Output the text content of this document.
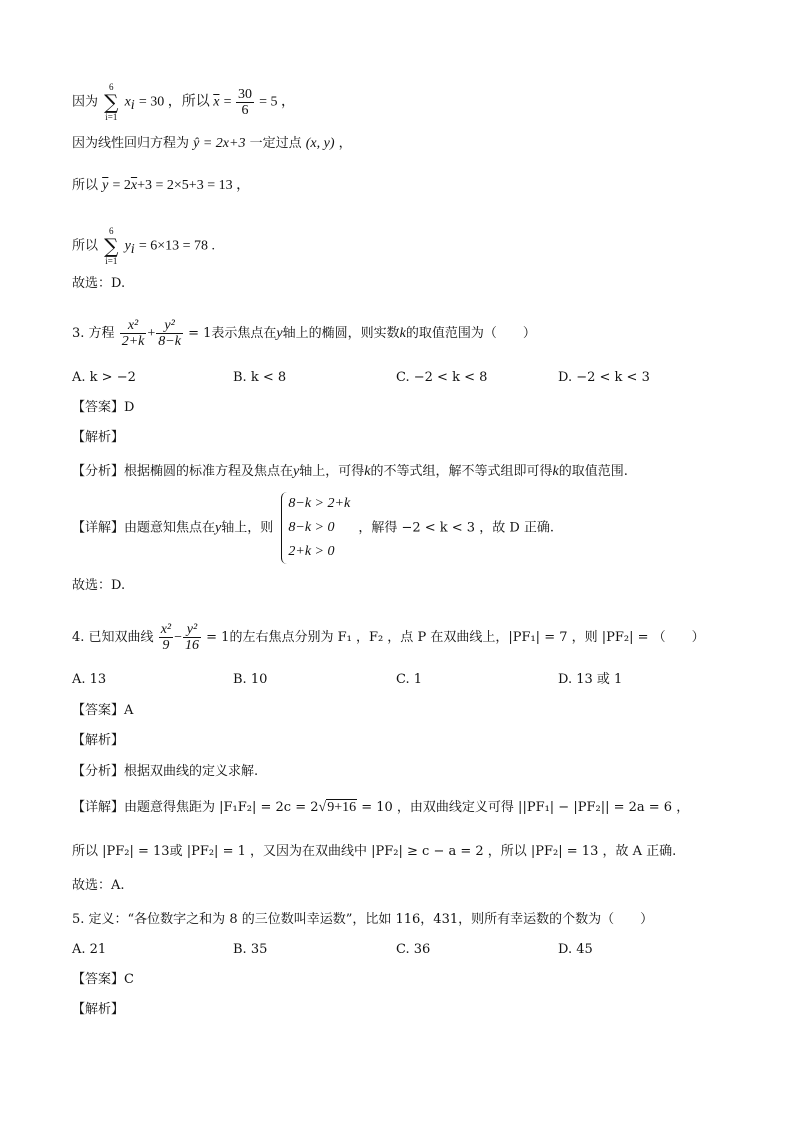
因为
6
∑
i=1
$x_i = 30$ ，所以 $\overline{x} = \frac{30}{6} = 5$ ，
因为线性回归方程为 ŷ = 2x+3 一定过点 (x, y) ，
所以 $\overline{y} = 2\overline{x}+3 = 2\times 5+3 = 13$ ，
所以
6
∑
i=1
$y_i = 6\times 13 = 78$ .
故选：D.
3. 方程 $\frac{\text{x²}}{2+k} + \frac{\text{y²}}{8-k} = 1$表示焦点在y轴上的椭圆，则实数k的取值范围为（　　）
A. k > −2	B. k < 8	C. −2 < k < 8	D. −2 < k < 3
【答案】D
【解析】
【分析】根据椭圆的标准方程及焦点在y轴上，可得k的不等式组，解不等式组即可得k的取值范围.
【详解】由题意知焦点在y轴上，则
8−k > 2+k
8−k > 0
2+k > 0
，解得 −2 < k < 3 ，故 D 正确.
故选：D.
4. 已知双曲线 $\frac{\text{x²}}{9} - \frac{\text{y²}}{16} = 1$的左右焦点分别为 F₁ ，F₂ ，点 P 在双曲线上，|PF₁| = 7 ，则 |PF₂| = （　　）
A. 13	B. 10	C. 1	D. 13 或 1
【答案】A
【解析】
【分析】根据双曲线的定义求解.
【详解】由题意得焦距为 |F₁F₂| = 2c = 2√9+16 = 10 ，由双曲线定义可得 ||PF₁| − |PF₂|| = 2a = 6 ，
所以 |PF₂| = 13或 |PF₂| = 1 ，又因为在双曲线中 |PF₂| ≥ c − a = 2 ，所以 |PF₂| = 13 ，故 A 正确.
故选：A.
5. 定义：“各位数字之和为 8 的三位数叫幸运数”，比如 116，431，则所有幸运数的个数为（　　）
A. 21	B. 35	C. 36	D. 45
【答案】C
【解析】
